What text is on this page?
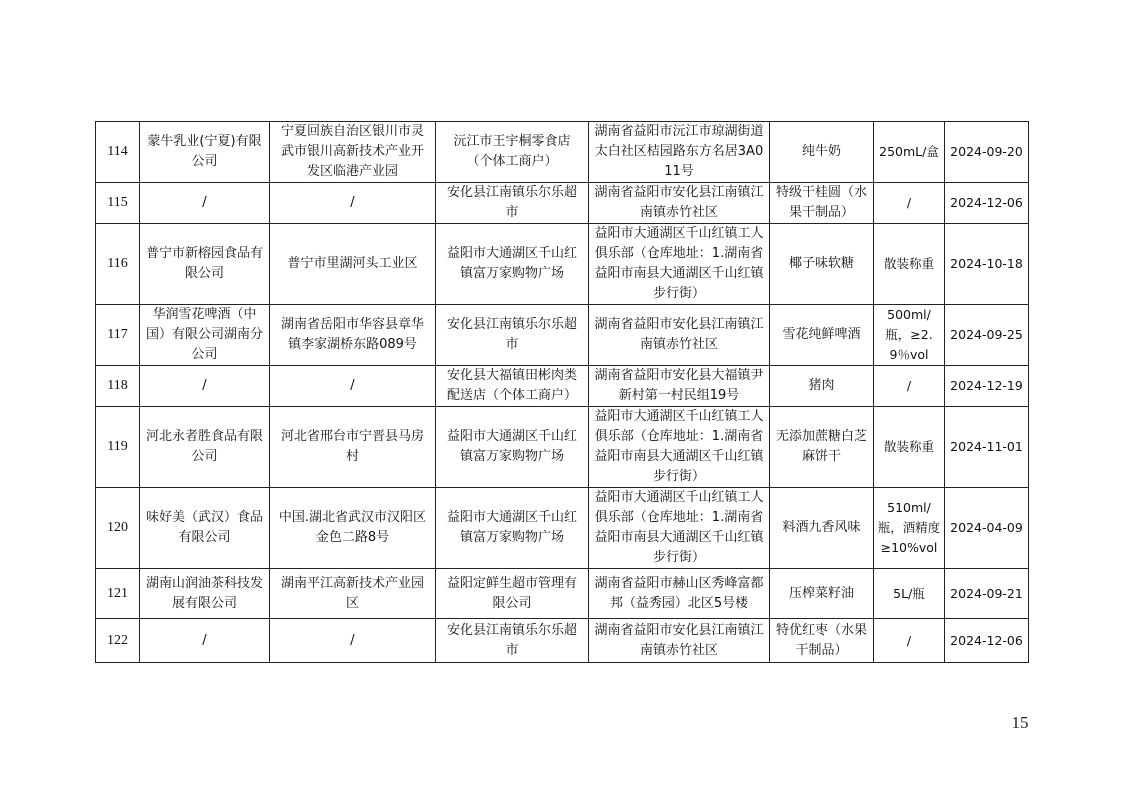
114	蒙牛乳业(宁夏)有限公司	宁夏回族自治区银川市灵武市银川高新技术产业开发区临港产业园	沅江市王宇桐零食店（个体工商户）	湖南省益阳市沅江市琼湖街道太白社区桔园路东方名居3A011号	纯牛奶	250mL/盒	2024-09-20
115	/	/	安化县江南镇乐尔乐超市	湖南省益阳市安化县江南镇江南镇赤竹社区	特级干桂圆（水果干制品）	/	2024-12-06
116	普宁市新榕园食品有限公司	普宁市里湖河头工业区	益阳市大通湖区千山红镇富万家购物广场	益阳市大通湖区千山红镇工人俱乐部（仓库地址：1.湖南省益阳市南县大通湖区千山红镇步行街）	椰子味软糖	散装称重	2024-10-18
117	华润雪花啤酒（中国）有限公司湖南分公司	湖南省岳阳市华容县章华镇李家湖桥东路089号	安化县江南镇乐尔乐超市	湖南省益阳市安化县江南镇江南镇赤竹社区	雪花纯鲜啤酒	500ml/瓶，≥2.9％vol	2024-09-25
118	/	/	安化县大福镇田彬肉类配送店（个体工商户）	湖南省益阳市安化县大福镇尹新村第一村民组19号	猪肉	/	2024-12-19
119	河北永者胜食品有限公司	河北省邢台市宁晋县马房村	益阳市大通湖区千山红镇富万家购物广场	益阳市大通湖区千山红镇工人俱乐部（仓库地址：1.湖南省益阳市南县大通湖区千山红镇步行街）	无添加蔗糖白芝麻饼干	散装称重	2024-11-01
120	味好美（武汉）食品有限公司	中国.湖北省武汉市汉阳区金色二路8号	益阳市大通湖区千山红镇富万家购物广场	益阳市大通湖区千山红镇工人俱乐部（仓库地址：1.湖南省益阳市南县大通湖区千山红镇步行街）	料酒九香风味	510ml/瓶，酒精度≥10%vol	2024-04-09
121	湖南山润油茶科技发展有限公司	湖南平江高新技术产业园区	益阳定鲜生超市管理有限公司	湖南省益阳市赫山区秀峰富都邦（益秀园）北区5号楼	压榨菜籽油	5L/瓶	2024-09-21
122	/	/	安化县江南镇乐尔乐超市	湖南省益阳市安化县江南镇江南镇赤竹社区	特优红枣（水果干制品）	/	2024-12-06
15
